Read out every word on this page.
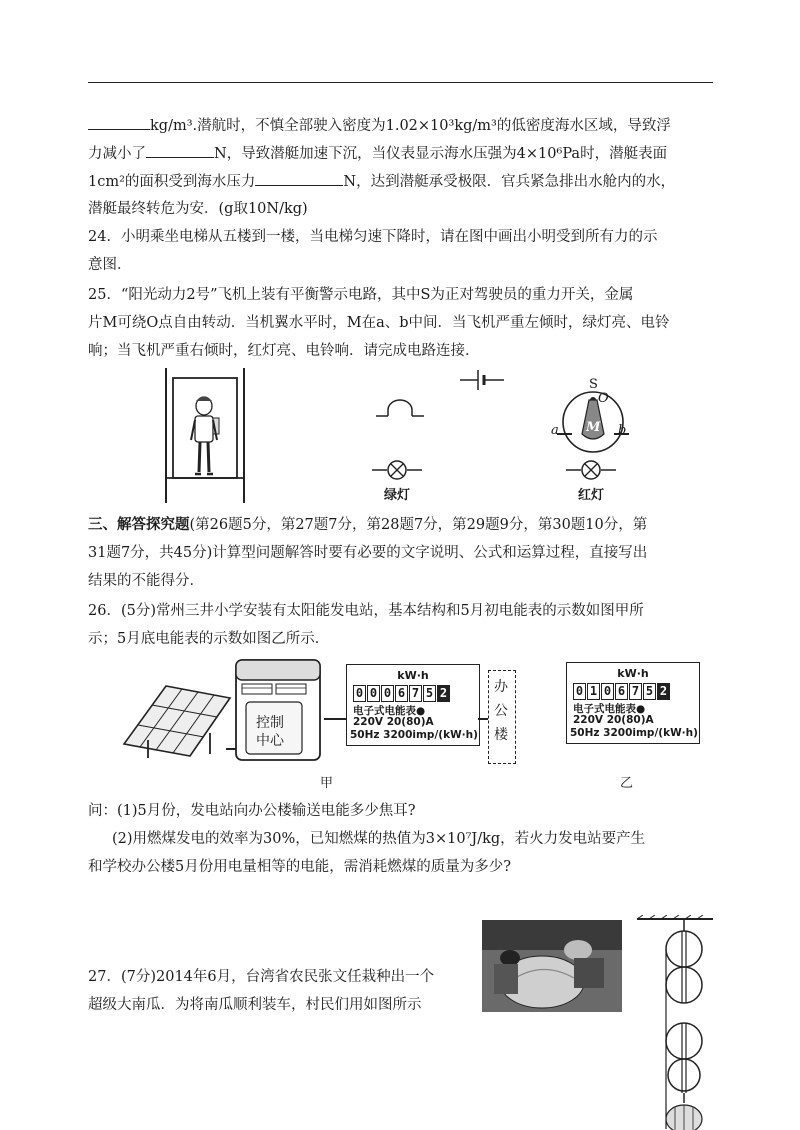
kg/m³.潜航时，不慎全部驶入密度为1.02×10³kg/m³的低密度海水区域，导致浮
力减小了	N，导致潜艇加速下沉，当仪表显示海水压强为4×10⁶Pa时，潜艇表面
1cm²的面积受到海水压力	N，达到潜艇承受极限．官兵紧急排出水舱内的水，
潜艇最终转危为安．(g取10N/kg)
24．小明乘坐电梯从五楼到一楼，当电梯匀速下降时，请在图中画出小明受到所有力的示
意图．
25．“阳光动力2号”飞机上装有平衡警示电路，其中S为正对驾驶员的重力开关，金属
片M可绕O点自由转动．当机翼水平时，M在a、b中间．当飞机严重左倾时，绿灯亮、电铃
响；当飞机严重右倾时，红灯亮、电铃响．请完成电路连接．
绿灯	红灯
S
O
M
a	b
三、解答探究题(第26题5分，第27题7分，第28题7分，第29题9分，第30题10分，第
31题7分，共45分)计算型问题解答时要有必要的文字说明、公式和运算过程，直接写出
结果的不能得分．
26．(5分)常州三井小学安装有太阳能发电站，基本结构和5月初电能表的示数如图甲所
示；5月底电能表的示数如图乙所示．
控制
中心
kW·h
0 0 0 6 7 5 2
电子式电能表●
220V 20(80)A
50Hz 3200imp/(kW·h)
办
公
楼
kW·h
0 1 0 6 7 5 2
电子式电能表●
220V 20(80)A
50Hz 3200imp/(kW·h)
甲	乙
问：(1)5月份，发电站向办公楼输送电能多少焦耳?
(2)用燃煤发电的效率为30%，已知燃煤的热值为3×10⁷J/kg，若火力发电站要产生
和学校办公楼5月份用电量相等的电能，需消耗燃煤的质量为多少?
27．(7分)2014年6月，台湾省农民张文任栽种出一个
超级大南瓜．为将南瓜顺利装车，村民们用如图所示
